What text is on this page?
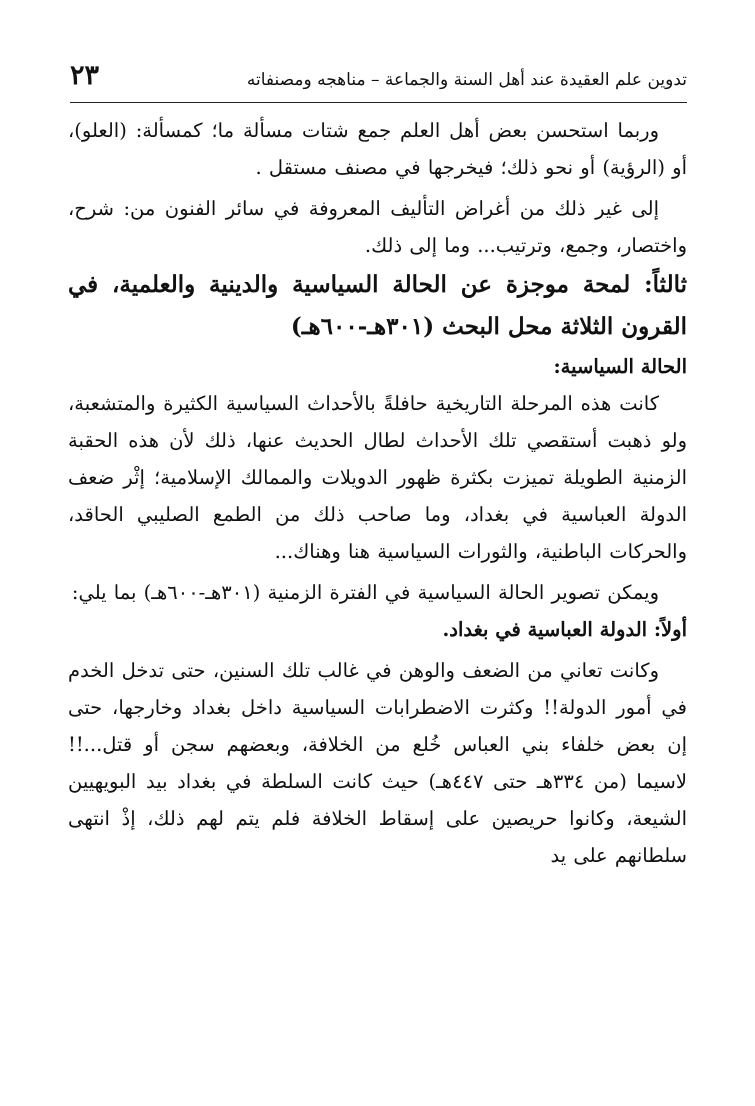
تدوين علم العقيدة عند أهل السنة والجماعة – مناهجه ومصنفاته
٢٣

وربما استحسن بعض أهل العلم جمع شتات مسألة ما؛ كمسألة: (العلو)، أو (الرؤية) أو نحو ذلك؛ فيخرجها في مصنف مستقل .

إلى غير ذلك من أغراض التأليف المعروفة في سائر الفنون من: شرح، واختصار، وجمع، وترتيب... وما إلى ذلك.

ثالثاً: لمحة موجزة عن الحالة السياسية والدينية والعلمية، في القرون الثلاثة محل البحث (٣٠١هـ-٦٠٠هـ)

الحالة السياسية:

كانت هذه المرحلة التاريخية حافلةً بالأحداث السياسية الكثيرة والمتشعبة، ولو ذهبت أستقصي تلك الأحداث لطال الحديث عنها، ذلك لأن هذه الحقبة الزمنية الطويلة تميزت بكثرة ظهور الدويلات والممالك الإسلامية؛ إثْر ضعف الدولة العباسية في بغداد، وما صاحب ذلك من الطمع الصليبي الحاقد، والحركات الباطنية، والثورات السياسية هنا وهناك...

ويمكن تصوير الحالة السياسية في الفترة الزمنية (٣٠١هـ-٦٠٠هـ) بما يلي:

أولاً: الدولة العباسية في بغداد.

وكانت تعاني من الضعف والوهن في غالب تلك السنين، حتى تدخل الخدم في أمور الدولة!! وكثرت الاضطرابات السياسية داخل بغداد وخارجها، حتى إن بعض خلفاء بني العباس خُلع من الخلافة، وبعضهم سجن أو قتل...!! لاسيما (من ٣٣٤هـ حتى ٤٤٧هـ) حيث كانت السلطة في بغداد بيد البويهيين الشيعة، وكانوا حريصين على إسقاط الخلافة فلم يتم لهم ذلك، إذْ انتهى سلطانهم على يد
